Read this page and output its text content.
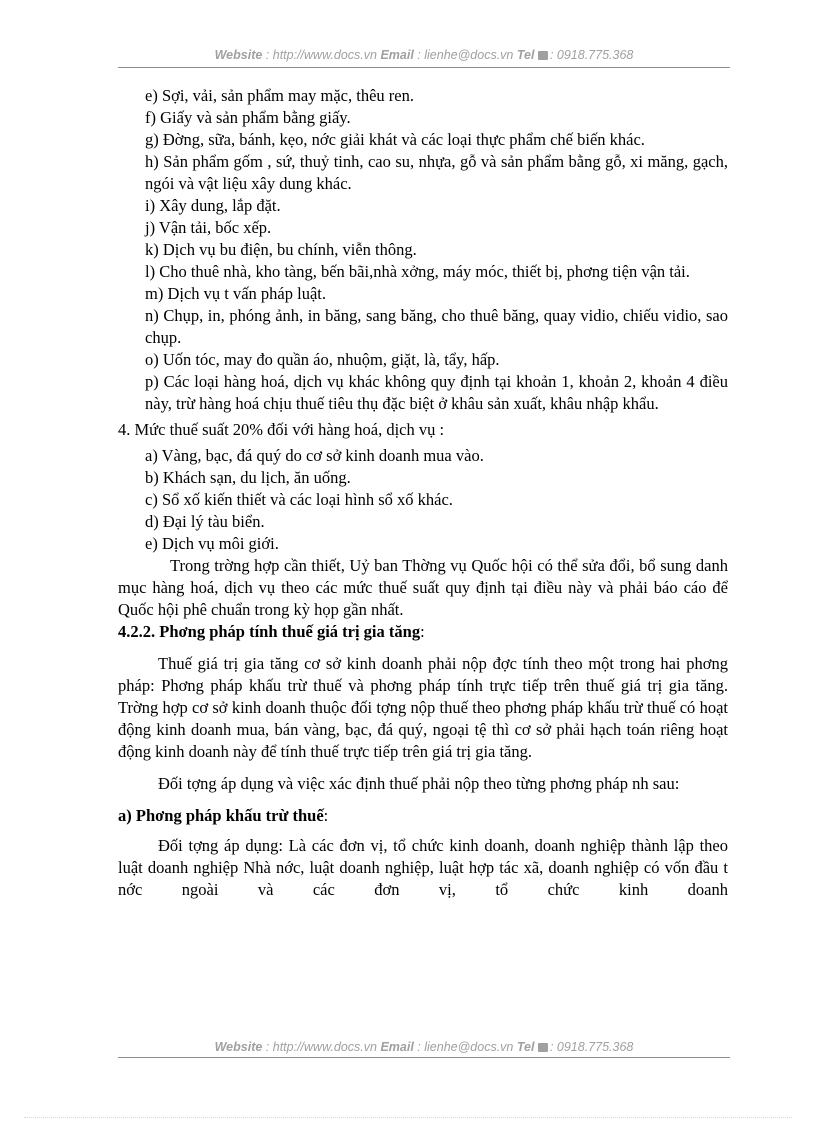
Website : http://www.docs.vn Email : lienhe@docs.vn Tel : 0918.775.368

e) Sợi, vải, sản phẩm may mặc, thêu ren.

f) Giấy và sản phẩm bằng giấy.

g) Đờng, sữa, bánh, kẹo, nớc giải khát và các loại thực phẩm chế biến khác.

h) Sản phẩm gốm , sứ, thuỷ tinh, cao su, nhựa, gỗ và sản phẩm bằng gỗ, xi măng, gạch, ngói và vật liệu xây dung khác.

i) Xây dung, lắp đặt.

j) Vận tải, bốc xếp.

k) Dịch vụ bu điện, bu chính, viễn thông.

l) Cho thuê nhà, kho tàng, bến bãi,nhà xởng, máy móc, thiết bị, phơng tiện vận tải.

m) Dịch vụ t vấn pháp luật.

n) Chụp, in, phóng ảnh, in băng, sang băng, cho thuê băng, quay vidio, chiếu vidio, sao chụp.

o) Uốn tóc, may đo quần áo, nhuộm, giặt, là, tẩy, hấp.

p) Các loại hàng hoá, dịch vụ khác không quy định tại khoản 1, khoản 2, khoản 4 điều này, trừ hàng hoá chịu thuế tiêu thụ đặc biệt ở khâu sản xuất, khâu nhập khẩu.

4. Mức thuế suất 20% đối với hàng hoá, dịch vụ :

a) Vàng, bạc, đá quý do cơ sở kinh doanh mua vào.

b) Khách sạn, du lịch, ăn uống.

c) Sổ xố kiến thiết và các loại hình sổ xố khác.

d) Đại lý tàu biển.

e) Dịch vụ môi giới.

Trong trờng hợp cần thiết, Uỷ ban Thờng vụ Quốc hội có thể sửa đổi, bổ sung danh mục hàng hoá, dịch vụ theo các mức thuế suất quy định tại điều này và phải báo cáo để Quốc hội phê chuẩn trong kỳ họp gần nhất.

4.2.2. Phơng pháp tính thuế giá trị gia tăng:

Thuế giá trị gia tăng cơ sở kinh doanh phải nộp đợc tính theo một trong hai phơng pháp: Phơng pháp khấu trừ thuế và phơng pháp tính trực tiếp trên thuế giá trị gia tăng. Trờng hợp cơ sở kinh doanh thuộc đối tợng nộp thuế theo phơng pháp khấu trừ thuế có hoạt động kinh doanh mua, bán vàng, bạc, đá quý, ngoại tệ thì cơ sở phải hạch toán riêng hoạt động kinh doanh này để tính thuế trực tiếp trên giá trị gia tăng.

Đối tợng áp dụng và việc xác định thuế phải nộp theo từng phơng pháp nh sau:

a) Phơng pháp khấu trừ thuế:

Đối tợng áp dụng: Là các đơn vị, tổ chức kinh doanh, doanh nghiệp thành lập theo luật doanh nghiệp Nhà nớc, luật doanh nghiệp, luật hợp tác xã, doanh nghiệp có vốn đầu t nớc ngoài và các đơn vị, tổ chức kinh doanh

Website : http://www.docs.vn Email : lienhe@docs.vn Tel : 0918.775.368
